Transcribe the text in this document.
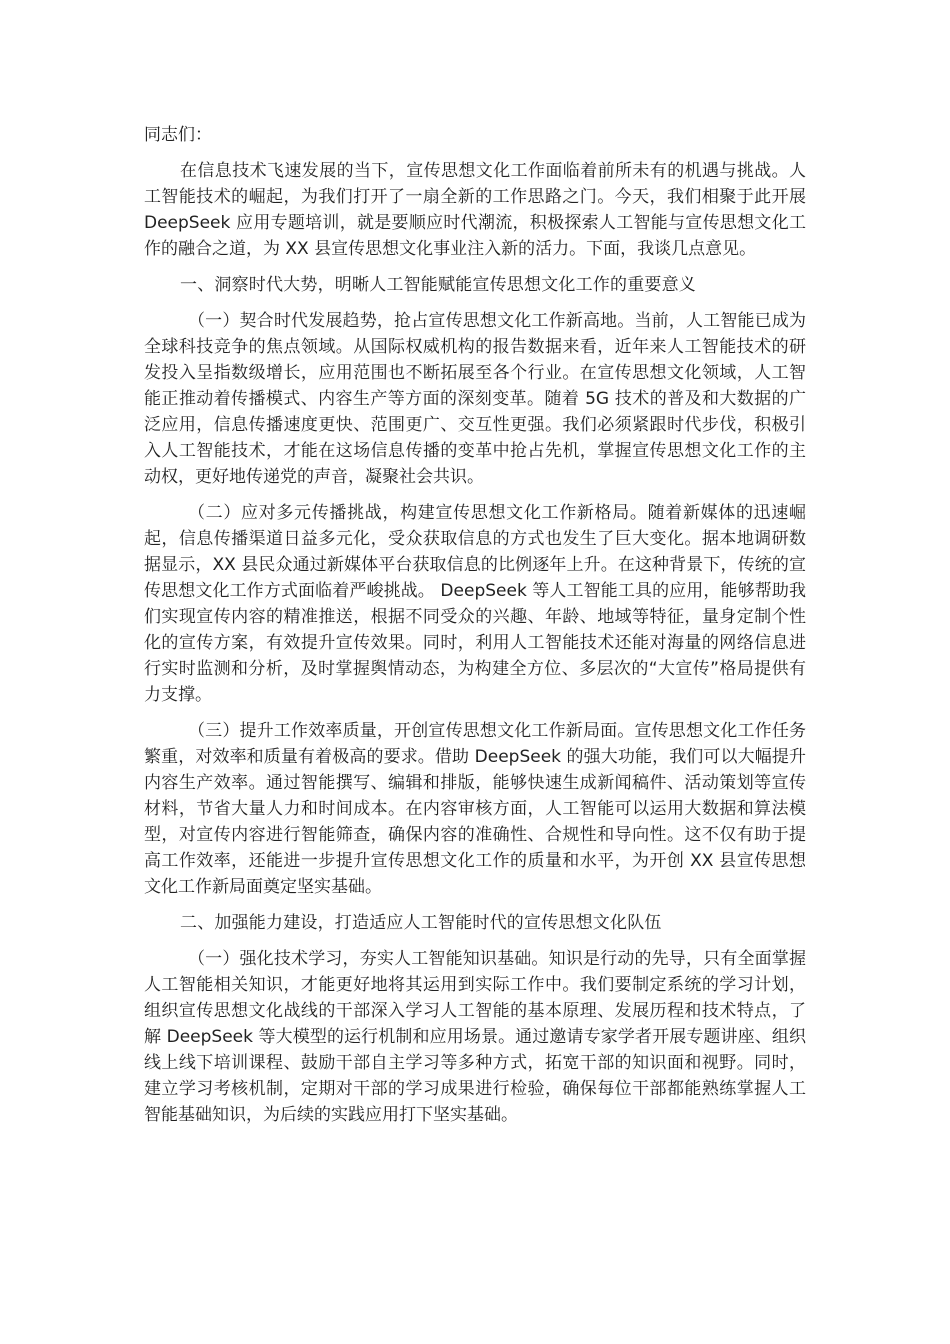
同志们：

在信息技术飞速发展的当下，宣传思想文化工作面临着前所未有的机遇与挑战。人工智能技术的崛起，为我们打开了一扇全新的工作思路之门。今天，我们相聚于此开展 DeepSeek 应用专题培训，就是要顺应时代潮流，积极探索人工智能与宣传思想文化工作的融合之道，为 XX 县宣传思想文化事业注入新的活力。下面，我谈几点意见。

一、洞察时代大势，明晰人工智能赋能宣传思想文化工作的重要意义

（一）契合时代发展趋势，抢占宣传思想文化工作新高地。当前，人工智能已成为全球科技竞争的焦点领域。从国际权威机构的报告数据来看，近年来人工智能技术的研发投入呈指数级增长，应用范围也不断拓展至各个行业。在宣传思想文化领域，人工智能正推动着传播模式、内容生产等方面的深刻变革。随着 5G 技术的普及和大数据的广泛应用，信息传播速度更快、范围更广、交互性更强。我们必须紧跟时代步伐，积极引入人工智能技术，才能在这场信息传播的变革中抢占先机，掌握宣传思想文化工作的主动权，更好地传递党的声音，凝聚社会共识。

（二）应对多元传播挑战，构建宣传思想文化工作新格局。随着新媒体的迅速崛起，信息传播渠道日益多元化，受众获取信息的方式也发生了巨大变化。据本地调研数据显示，XX 县民众通过新媒体平台获取信息的比例逐年上升。在这种背景下，传统的宣传思想文化工作方式面临着严峻挑战。 DeepSeek 等人工智能工具的应用，能够帮助我们实现宣传内容的精准推送，根据不同受众的兴趣、年龄、地域等特征，量身定制个性化的宣传方案，有效提升宣传效果。同时，利用人工智能技术还能对海量的网络信息进行实时监测和分析，及时掌握舆情动态，为构建全方位、多层次的“大宣传”格局提供有力支撑。

（三）提升工作效率质量，开创宣传思想文化工作新局面。宣传思想文化工作任务繁重，对效率和质量有着极高的要求。借助 DeepSeek 的强大功能，我们可以大幅提升内容生产效率。通过智能撰写、编辑和排版，能够快速生成新闻稿件、活动策划等宣传材料，节省大量人力和时间成本。在内容审核方面，人工智能可以运用大数据和算法模型，对宣传内容进行智能筛查，确保内容的准确性、合规性和导向性。这不仅有助于提高工作效率，还能进一步提升宣传思想文化工作的质量和水平，为开创 XX 县宣传思想文化工作新局面奠定坚实基础。

二、加强能力建设，打造适应人工智能时代的宣传思想文化队伍

（一）强化技术学习，夯实人工智能知识基础。知识是行动的先导，只有全面掌握人工智能相关知识，才能更好地将其运用到实际工作中。我们要制定系统的学习计划，组织宣传思想文化战线的干部深入学习人工智能的基本原理、发展历程和技术特点，了解 DeepSeek 等大模型的运行机制和应用场景。通过邀请专家学者开展专题讲座、组织线上线下培训课程、鼓励干部自主学习等多种方式，拓宽干部的知识面和视野。同时，建立学习考核机制，定期对干部的学习成果进行检验，确保每位干部都能熟练掌握人工智能基础知识，为后续的实践应用打下坚实基础。
